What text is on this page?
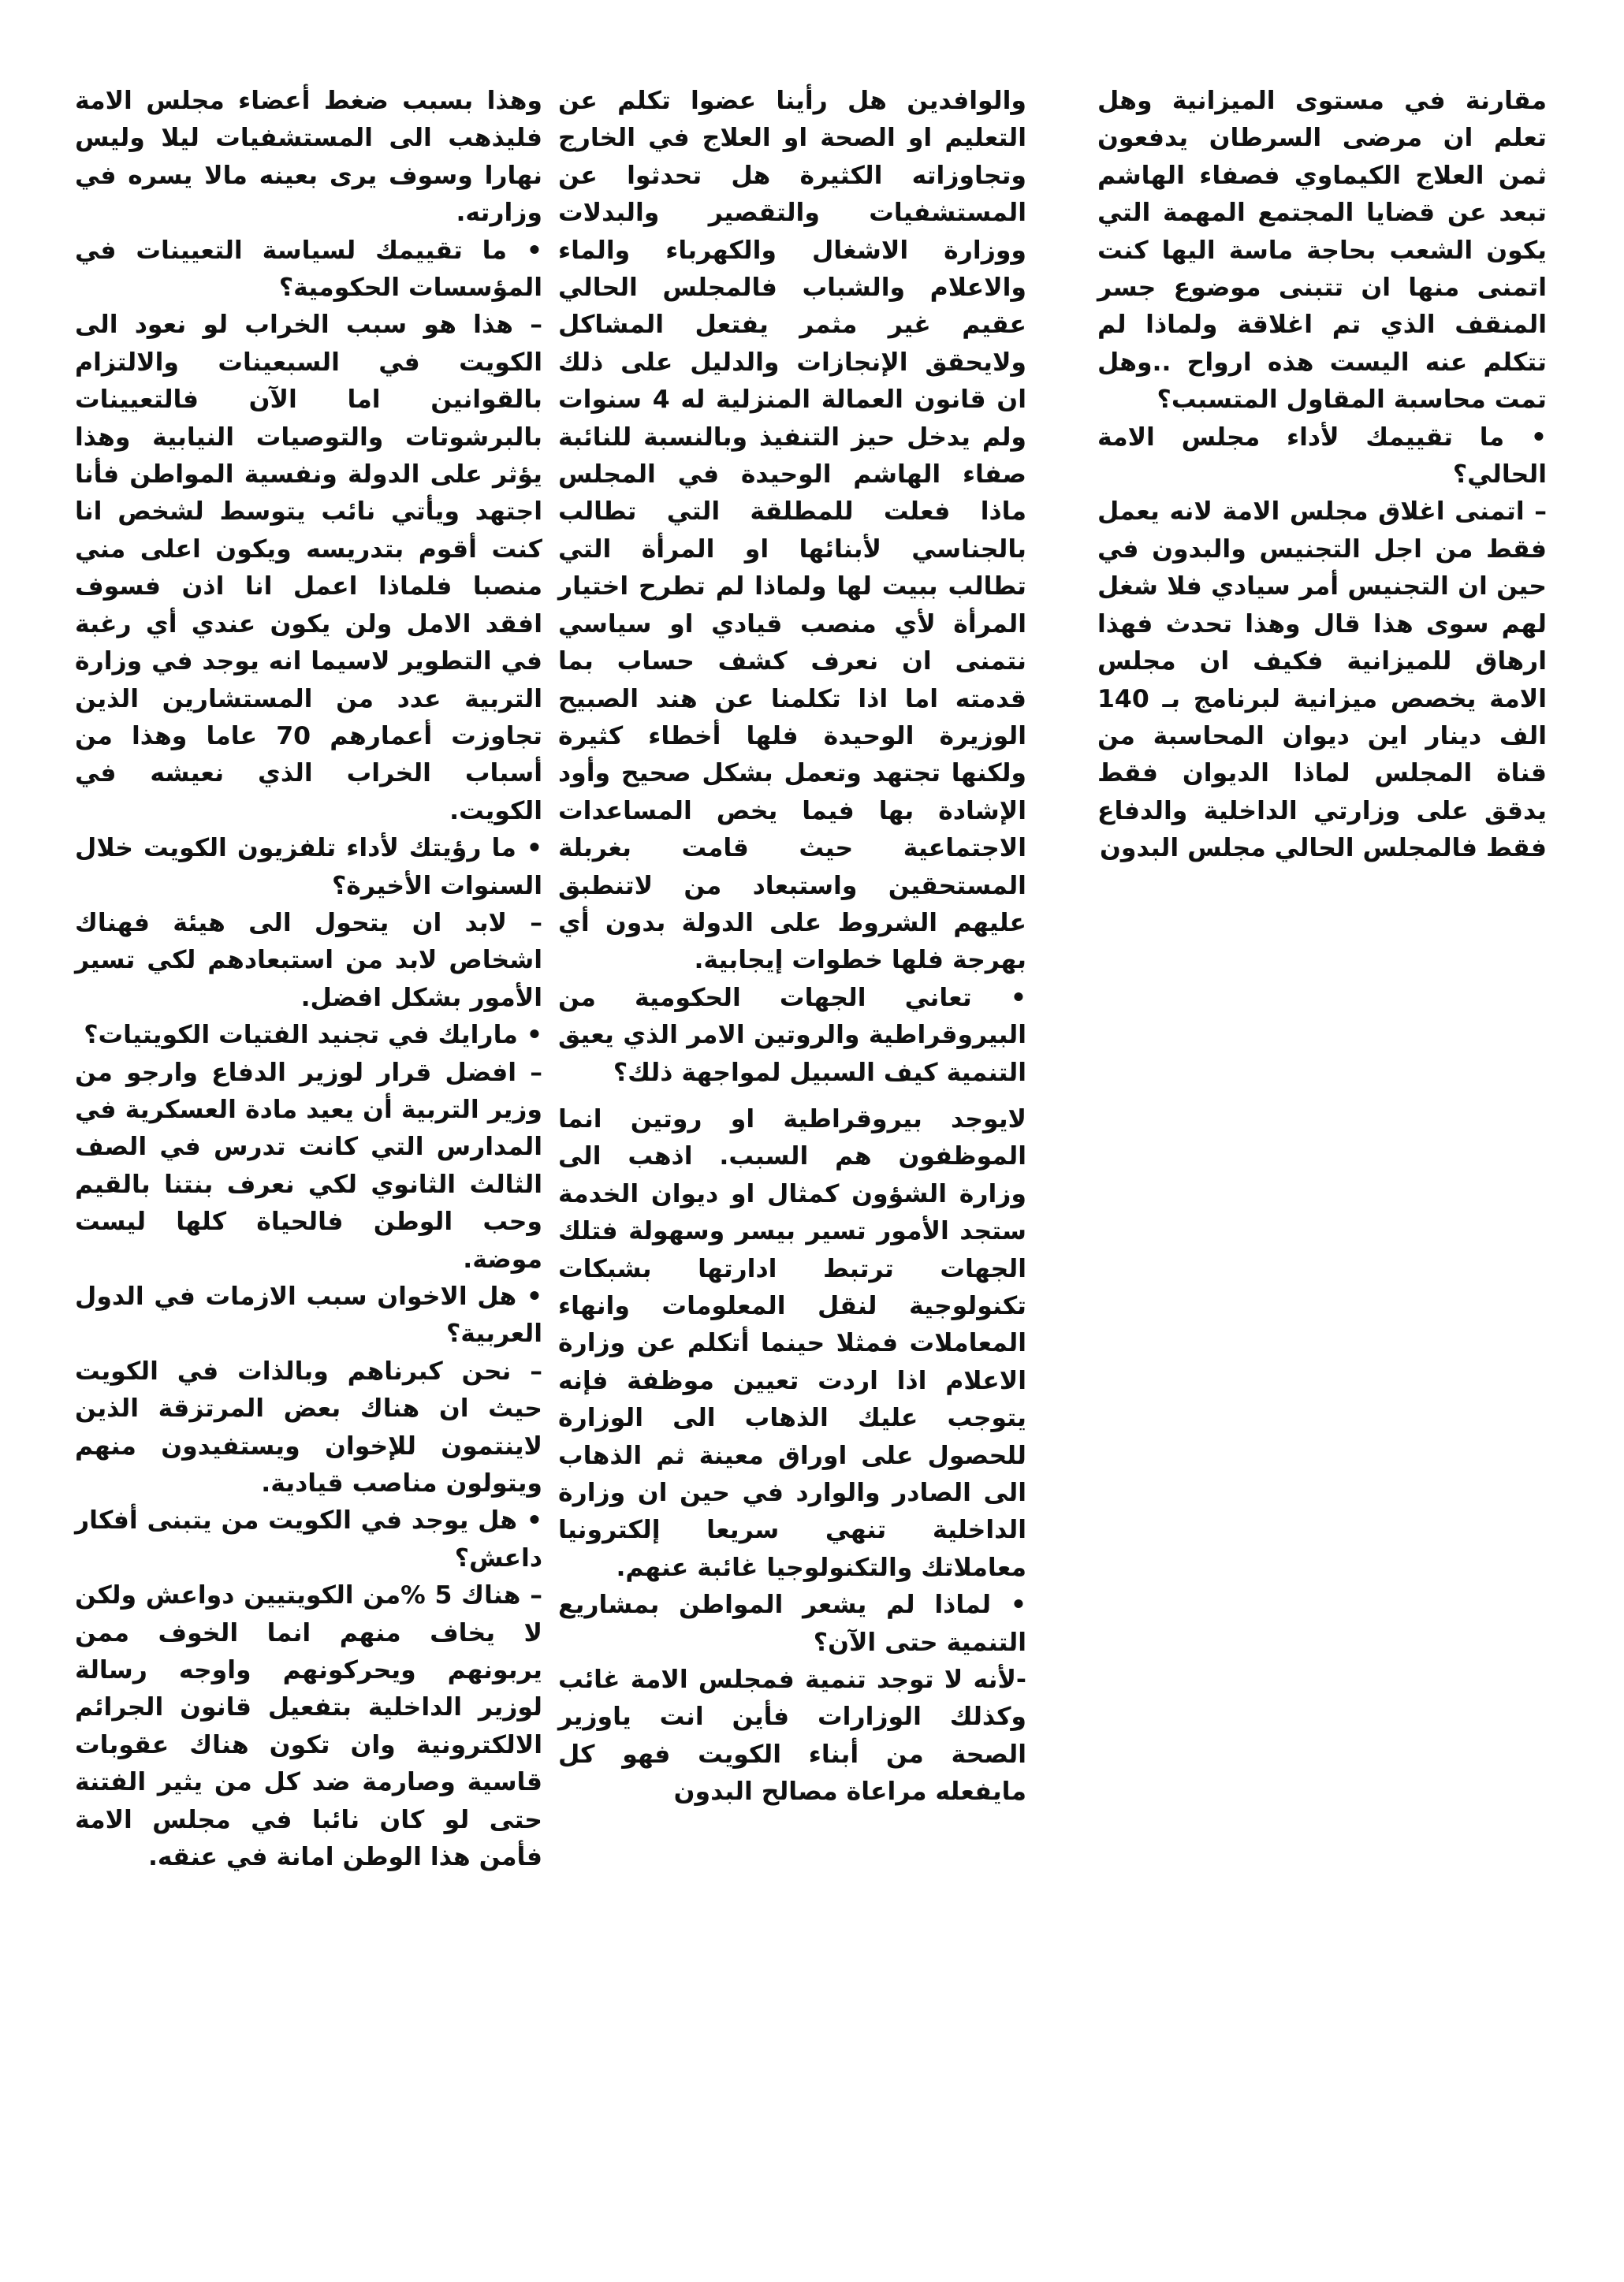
مقارنة في مستوى الميزانية وهل تعلم ان مرضى السرطان يدفعون ثمن العلاج الكيماوي فصفاء الهاشم تبعد عن قضايا المجتمع المهمة التي يكون الشعب بحاجة ماسة اليها كنت اتمنى منها ان تتبنى موضوع جسر المنقف الذي تم اغلاقة ولماذا لم تتكلم عنه اليست هذه ارواح ..وهل تمت محاسبة المقاول المتسبب؟

• ما تقييمك لأداء مجلس الامة الحالي؟

– اتمنى اغلاق مجلس الامة لانه يعمل فقط من اجل التجنيس والبدون في حين ان التجنيس أمر سيادي فلا شغل لهم سوى هذا قال وهذا تحدث فهذا ارهاق للميزانية فكيف ان مجلس الامة يخصص ميزانية لبرنامج بـ 140 الف دينار اين ديوان المحاسبة من قناة المجلس لماذا الديوان فقط يدقق على وزارتي الداخلية والدفاع فقط فالمجلس الحالي مجلس البدون

والوافدين هل رأينا عضوا تكلم عن التعليم او الصحة او العلاج في الخارج وتجاوزاته الكثيرة هل تحدثوا عن المستشفيات والتقصير والبدلات ووزارة الاشغال والكهرباء والماء والاعلام والشباب فالمجلس الحالي عقيم غير مثمر يفتعل المشاكل ولايحقق الإنجازات والدليل على ذلك ان قانون العمالة المنزلية له 4 سنوات ولم يدخل حيز التنفيذ وبالنسبة للنائبة صفاء الهاشم الوحيدة في المجلس ماذا فعلت للمطلقة التي تطالب بالجناسي لأبنائها او المرأة التي تطالب ببيت لها ولماذا لم تطرح اختيار المرأة لأي منصب قيادي او سياسي نتمنى ان نعرف كشف حساب بما قدمته اما اذا تكلمنا عن هند الصبيح الوزيرة الوحيدة فلها أخطاء كثيرة ولكنها تجتهد وتعمل بشكل صحيح وأود الإشادة بها فيما يخص المساعدات الاجتماعية حيث قامت بغربلة المستحقين واستبعاد من لاتنطبق عليهم الشروط على الدولة بدون أي بهرجة فلها خطوات إيجابية.

• تعاني الجهات الحكومية من البيروقراطية والروتين الامر الذي يعيق التنمية كيف السبيل لمواجهة ذلك؟

لايوجد بيروقراطية او روتين انما الموظفون هم السبب. اذهب الى وزارة الشؤون كمثال او ديوان الخدمة ستجد الأمور تسير بيسر وسهولة فتلك الجهات ترتبط ادارتها بشبكات تكنولوجية لنقل المعلومات وانهاء المعاملات فمثلا حينما أتكلم عن وزارة الاعلام اذا اردت تعيين موظفة فإنه يتوجب عليك الذهاب الى الوزارة للحصول على اوراق معينة ثم الذهاب الى الصادر والوارد في حين ان وزارة الداخلية تنهي سريعا إلكترونيا معاملاتك والتكنولوجيا غائبة عنهم.

• لماذا لم يشعر المواطن بمشاريع التنمية حتى الآن؟

-لأنه لا توجد تنمية فمجلس الامة غائب وكذلك الوزارات فأين انت ياوزير الصحة من أبناء الكويت فهو كل مايفعله مراعاة مصالح البدون

وهذا بسبب ضغط أعضاء مجلس الامة فليذهب الى المستشفيات ليلا وليس نهارا وسوف يرى بعينه مالا يسره في وزارته.

• ما تقييمك لسياسة التعيينات في المؤسسات الحكومية؟

– هذا هو سبب الخراب لو نعود الى الكويت في السبعينات والالتزام بالقوانين اما الآن فالتعيينات بالبرشوتات والتوصيات النيابية وهذا يؤثر على الدولة ونفسية المواطن فأنا اجتهد ويأتي نائب يتوسط لشخص انا كنت أقوم بتدريسه ويكون اعلى مني منصبا فلماذا اعمل انا اذن فسوف افقد الامل ولن يكون عندي أي رغبة في التطوير لاسيما انه يوجد في وزارة التربية عدد من المستشارين الذين تجاوزت أعمارهم 70 عاما وهذا من أسباب الخراب الذي نعيشه في الكويت.

• ما رؤيتك لأداء تلفزيون الكويت خلال السنوات الأخيرة؟

– لابد ان يتحول الى هيئة فهناك اشخاص لابد من استبعادهم لكي تسير الأمور بشكل افضل.

• مارايك في تجنيد الفتيات الكويتيات؟

– افضل قرار لوزير الدفاع وارجو من وزير التربية أن يعيد مادة العسكرية في المدارس التي كانت تدرس في الصف الثالث الثانوي لكي نعرف بنتنا بالقيم وحب الوطن فالحياة كلها ليست موضة.

• هل الاخوان سبب الازمات في الدول العربية؟

– نحن كبرناهم وبالذات في الكويت حيث ان هناك بعض المرتزقة الذين لاينتمون للإخوان ويستفيدون منهم ويتولون مناصب قيادية.

• هل يوجد في الكويت من يتبنى أفكار داعش؟

– هناك 5 %من الكويتيين دواعش ولكن لا يخاف منهم انما الخوف ممن يربونهم ويحركونهم واوجه رسالة لوزير الداخلية بتفعيل قانون الجرائم الالكترونية وان تكون هناك عقوبات قاسية وصارمة ضد كل من يثير الفتنة حتى لو كان نائبا في مجلس الامة فأمن هذا الوطن امانة في عنقه.
